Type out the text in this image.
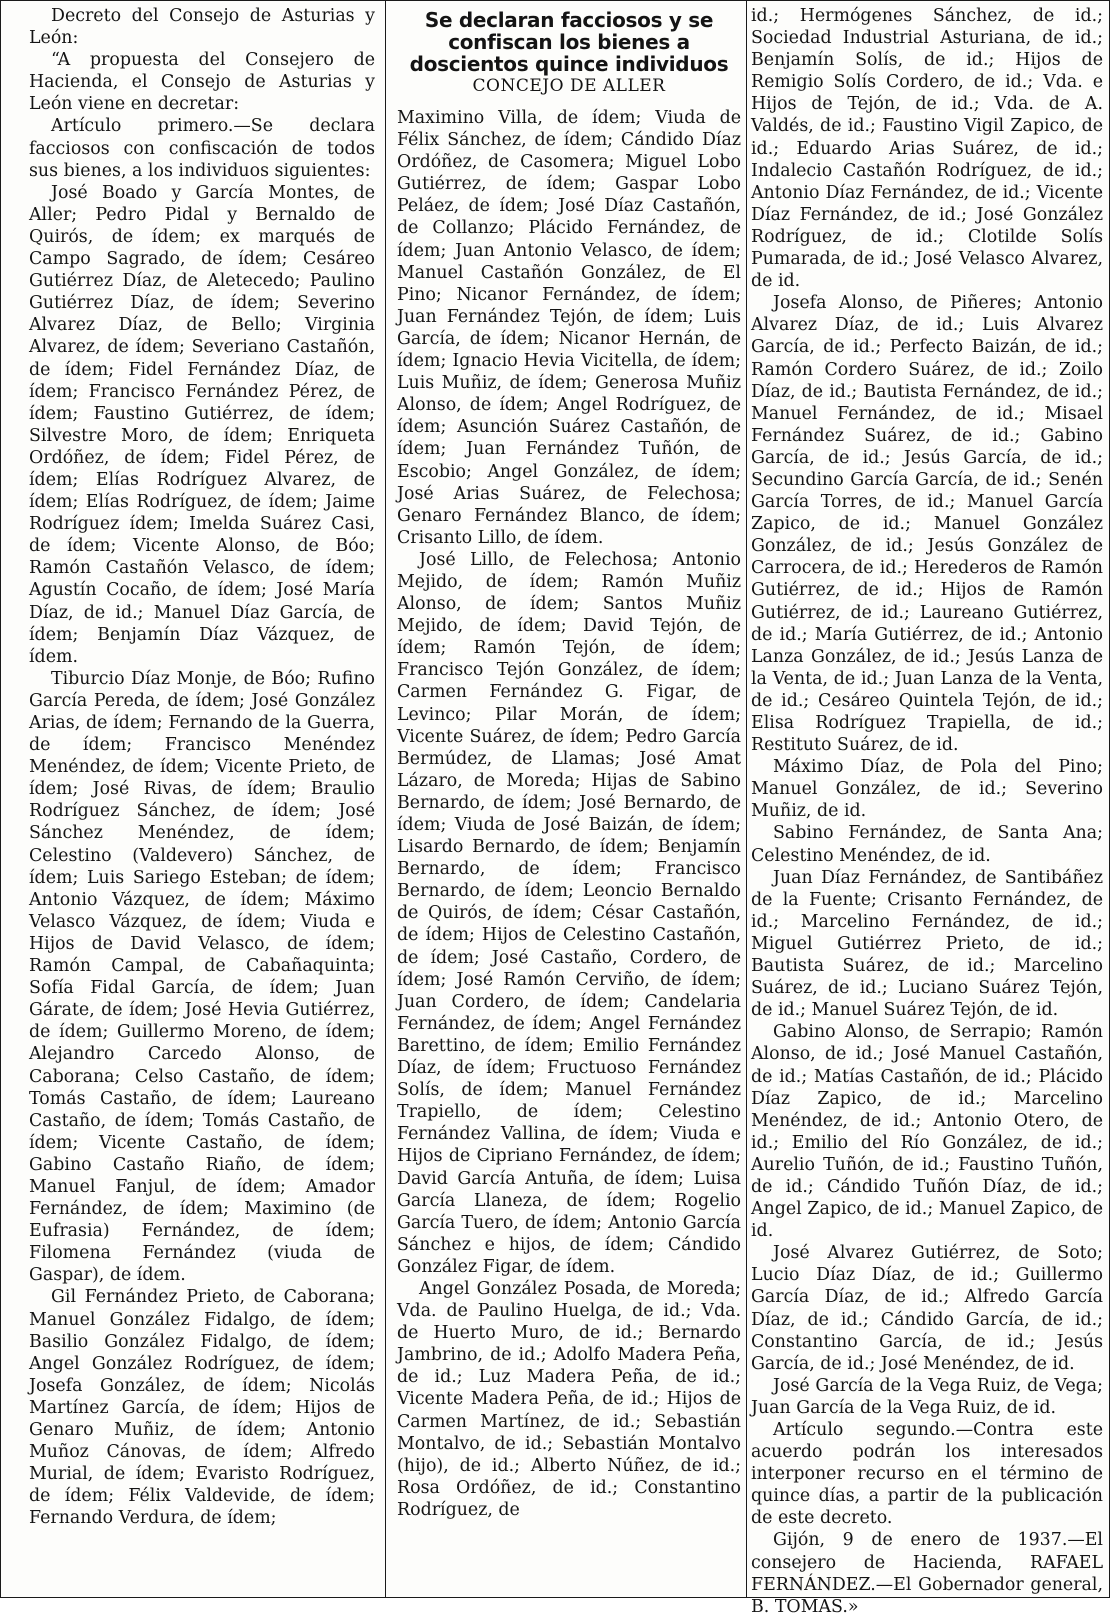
Decreto del Consejo de Asturias y León:

“A propuesta del Consejero de Hacienda, el Consejo de Asturias y León viene en decretar:

Artículo primero.—Se declara facciosos con confiscación de todos sus bienes, a los individuos siguientes:

José Boado y García Montes, de Aller; Pedro Pidal y Bernaldo de Quirós, de ídem; ex marqués de Campo Sagrado, de ídem; Cesáreo Gutiérrez Díaz, de Aletecedo; Paulino Gutiérrez Díaz, de ídem; Severino Alvarez Díaz, de Bello; Virginia Alvarez, de ídem; Severiano Castañón, de ídem; Fidel Fernández Díaz, de ídem; Francisco Fernández Pérez, de ídem; Faustino Gutiérrez, de ídem; Silvestre Moro, de ídem; Enriqueta Ordóñez, de ídem; Fidel Pérez, de ídem; Elías Rodríguez Alvarez, de ídem; Elías Rodríguez, de ídem; Jaime Rodríguez ídem; Imelda Suárez Casi, de ídem; Vicente Alonso, de Bóo; Ramón Castañón Velasco, de ídem; Agustín Cocaño, de ídem; José María Díaz, de id.; Manuel Díaz García, de ídem; Benjamín Díaz Vázquez, de ídem.

Tiburcio Díaz Monje, de Bóo; Rufino García Pereda, de ídem; José González Arias, de ídem; Fernando de la Guerra, de ídem; Francisco Menéndez Menéndez, de ídem; Vicente Prieto, de ídem; José Rivas, de ídem; Braulio Rodríguez Sánchez, de ídem; José Sánchez Menéndez, de ídem; Celestino (Valdevero) Sánchez, de ídem; Luis Sariego Esteban; de ídem; Antonio Vázquez, de ídem; Máximo Velasco Vázquez, de ídem; Viuda e Hijos de David Velasco, de ídem; Ramón Campal, de Cabañaquinta; Sofía Fidal García, de ídem; Juan Gárate, de ídem; José Hevia Gutiérrez, de ídem; Guillermo Moreno, de ídem; Alejandro Carcedo Alonso, de Caborana; Celso Castaño, de ídem; Tomás Castaño, de ídem; Laureano Castaño, de ídem; Tomás Castaño, de ídem; Vicente Castaño, de ídem; Gabino Castaño Riaño, de ídem; Manuel Fanjul, de ídem; Amador Fernández, de ídem; Maximino (de Eufrasia) Fernández, de ídem; Filomena Fernández (viuda de Gaspar), de ídem.

Gil Fernández Prieto, de Caborana; Manuel González Fidalgo, de ídem; Basilio González Fidalgo, de ídem; Angel González Rodríguez, de ídem; Josefa González, de ídem; Nicolás Martínez García, de ídem; Hijos de Genaro Muñiz, de ídem; Antonio Muñoz Cánovas, de ídem; Alfredo Murial, de ídem; Evaristo Rodríguez, de ídem; Félix Valdevide, de ídem; Fernando Verdura, de ídem;

Se declaran facciosos y se confiscan los bienes a doscientos quince individuos

CONCEJO DE ALLER

Maximino Villa, de ídem; Viuda de Félix Sánchez, de ídem; Cándido Díaz Ordóñez, de Casomera; Miguel Lobo Gutiérrez, de ídem; Gaspar Lobo Peláez, de ídem; José Díaz Castañón, de Collanzo; Plácido Fernández, de ídem; Juan Antonio Velasco, de ídem; Manuel Castañón González, de El Pino; Nicanor Fernández, de ídem; Juan Fernández Tejón, de ídem; Luis García, de ídem; Nicanor Hernán, de ídem; Ignacio Hevia Vicitella, de ídem; Luis Muñiz, de ídem; Generosa Muñiz Alonso, de ídem; Angel Rodríguez, de ídem; Asunción Suárez Castañón, de ídem; Juan Fernández Tuñón, de Escobio; Angel González, de ídem; José Arias Suárez, de Felechosa; Genaro Fernández Blanco, de ídem; Crisanto Lillo, de ídem.

José Lillo, de Felechosa; Antonio Mejido, de ídem; Ramón Muñiz Alonso, de ídem; Santos Muñiz Mejido, de ídem; David Tejón, de ídem; Ramón Tejón, de ídem; Francisco Tejón González, de ídem; Carmen Fernández G. Figar, de Levinco; Pilar Morán, de ídem; Vicente Suárez, de ídem; Pedro García Bermúdez, de Llamas; José Amat Lázaro, de Moreda; Hijas de Sabino Bernardo, de ídem; José Bernardo, de ídem; Viuda de José Baizán, de ídem; Lisardo Bernardo, de ídem; Benjamín Bernardo, de ídem; Francisco Bernardo, de ídem; Leoncio Bernaldo de Quirós, de ídem; César Castañón, de ídem; Hijos de Celestino Castañón, de ídem; José Castaño, Cordero, de ídem; José Ramón Cerviño, de ídem; Juan Cordero, de ídem; Candelaria Fernández, de ídem; Angel Fernández Barettino, de ídem; Emilio Fernández Díaz, de ídem; Fructuoso Fernández Solís, de ídem; Manuel Fernández Trapiello, de ídem; Celestino Fernández Vallina, de ídem; Viuda e Hijos de Cipriano Fernández, de ídem; David García Antuña, de ídem; Luisa García Llaneza, de ídem; Rogelio García Tuero, de ídem; Antonio García Sánchez e hijos, de ídem; Cándido González Figar, de ídem.

Angel González Posada, de Moreda; Vda. de Paulino Huelga, de id.; Vda. de Huerto Muro, de id.; Bernardo Jambrino, de id.; Adolfo Madera Peña, de id.; Luz Madera Peña, de id.; Vicente Madera Peña, de id.; Hijos de Carmen Martínez, de id.; Sebastián Montalvo, de id.; Sebastián Montalvo (hijo), de id.; Alberto Núñez, de id.; Rosa Ordóñez, de id.; Constantino Rodríguez, de

id.; Hermógenes Sánchez, de id.; Sociedad Industrial Asturiana, de id.; Benjamín Solís, de id.; Hijos de Remigio Solís Cordero, de id.; Vda. e Hijos de Tejón, de id.; Vda. de A. Valdés, de id.; Faustino Vigil Zapico, de id.; Eduardo Arias Suárez, de id.; Indalecio Castañón Rodríguez, de id.; Antonio Díaz Fernández, de id.; Vicente Díaz Fernández, de id.; José González Rodríguez, de id.; Clotilde Solís Pumarada, de id.; José Velasco Alvarez, de id.

Josefa Alonso, de Piñeres; Antonio Alvarez Díaz, de id.; Luis Alvarez García, de id.; Perfecto Baizán, de id.; Ramón Cordero Suárez, de id.; Zoilo Díaz, de id.; Bautista Fernández, de id.; Manuel Fernández, de id.; Misael Fernández Suárez, de id.; Gabino García, de id.; Jesús García, de id.; Secundino García García, de id.; Senén García Torres, de id.; Manuel García Zapico, de id.; Manuel González González, de id.; Jesús González de Carrocera, de id.; Herederos de Ramón Gutiérrez, de id.; Hijos de Ramón Gutiérrez, de id.; Laureano Gutiérrez, de id.; María Gutiérrez, de id.; Antonio Lanza González, de id.; Jesús Lanza de la Venta, de id.; Juan Lanza de la Venta, de id.; Cesáreo Quintela Tejón, de id.; Elisa Rodríguez Trapiella, de id.; Restituto Suárez, de id.

Máximo Díaz, de Pola del Pino; Manuel González, de id.; Severino Muñiz, de id.

Sabino Fernández, de Santa Ana; Celestino Menéndez, de id.

Juan Díaz Fernández, de Santibáñez de la Fuente; Crisanto Fernández, de id.; Marcelino Fernández, de id.; Miguel Gutiérrez Prieto, de id.; Bautista Suárez, de id.; Marcelino Suárez, de id.; Luciano Suárez Tejón, de id.; Manuel Suárez Tejón, de id.

Gabino Alonso, de Serrapio; Ramón Alonso, de id.; José Manuel Castañón, de id.; Matías Castañón, de id.; Plácido Díaz Zapico, de id.; Marcelino Menéndez, de id.; Antonio Otero, de id.; Emilio del Río González, de id.; Aurelio Tuñón, de id.; Faustino Tuñón, de id.; Cándido Tuñón Díaz, de id.; Angel Zapico, de id.; Manuel Zapico, de id.

José Alvarez Gutiérrez, de Soto; Lucio Díaz Díaz, de id.; Guillermo García Díaz, de id.; Alfredo García Díaz, de id.; Cándido García, de id.; Constantino García, de id.; Jesús García, de id.; José Menéndez, de id.

José García de la Vega Ruiz, de Vega; Juan García de la Vega Ruiz, de id.

Artículo segundo.—Contra este acuerdo podrán los interesados interponer recurso en el término de quince días, a partir de la publicación de este decreto.

Gijón, 9 de enero de 1937.—El consejero de Hacienda, RAFAEL FERNÁNDEZ.—El Gobernador general, B. TOMAS.»
